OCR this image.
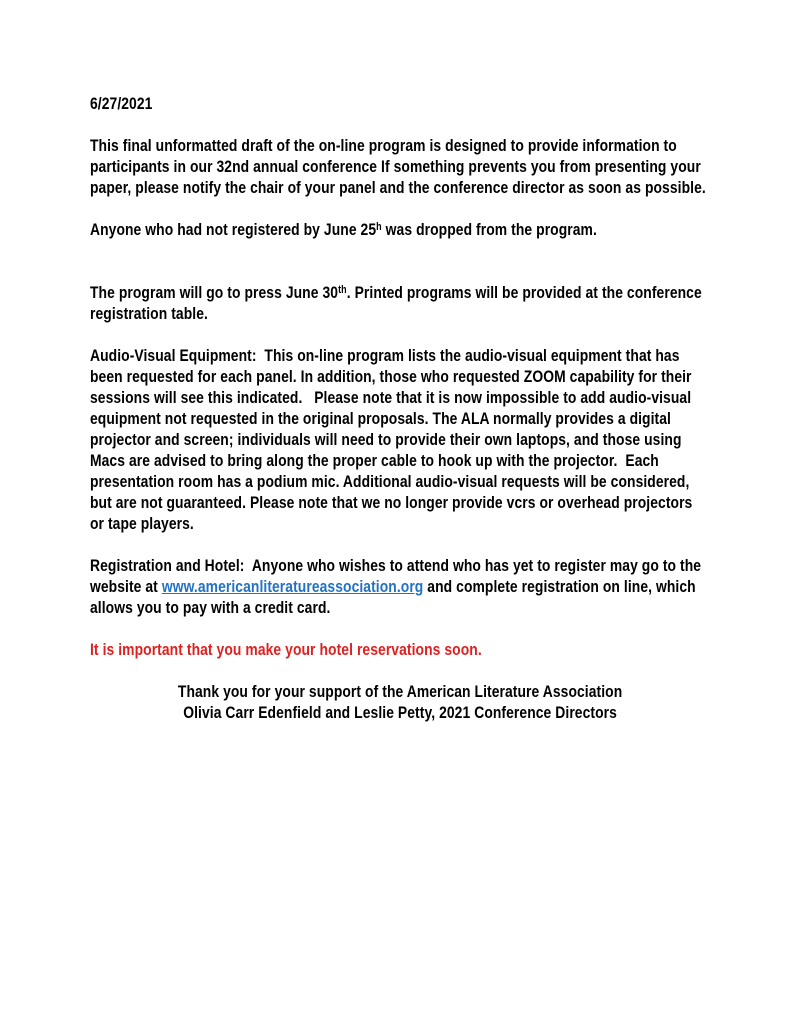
6/27/2021

This final unformatted draft of the on-line program is designed to provide information to participants in our 32nd annual conference If something prevents you from presenting your paper, please notify the chair of your panel and the conference director as soon as possible.

Anyone who had not registered by June 25$^h$ was dropped from the program.

The program will go to press June 30th. Printed programs will be provided at the conference registration table.

Audio-Visual Equipment:  This on-line program lists the audio-visual equipment that has been requested for each panel. In addition, those who requested ZOOM capability for their sessions will see this indicated.   Please note that it is now impossible to add audio-visual equipment not requested in the original proposals. The ALA normally provides a digital projector and screen; individuals will need to provide their own laptops, and those using Macs are advised to bring along the proper cable to hook up with the projector.  Each presentation room has a podium mic. Additional audio-visual requests will be considered, but are not guaranteed. Please note that we no longer provide vcrs or overhead projectors or tape players.

Registration and Hotel:  Anyone who wishes to attend who has yet to register may go to the website at www.americanliteratureassociation.org and complete registration on line, which allows you to pay with a credit card.

It is important that you make your hotel reservations soon.

Thank you for your support of the American Literature Association
Olivia Carr Edenfield and Leslie Petty, 2021 Conference Directors
